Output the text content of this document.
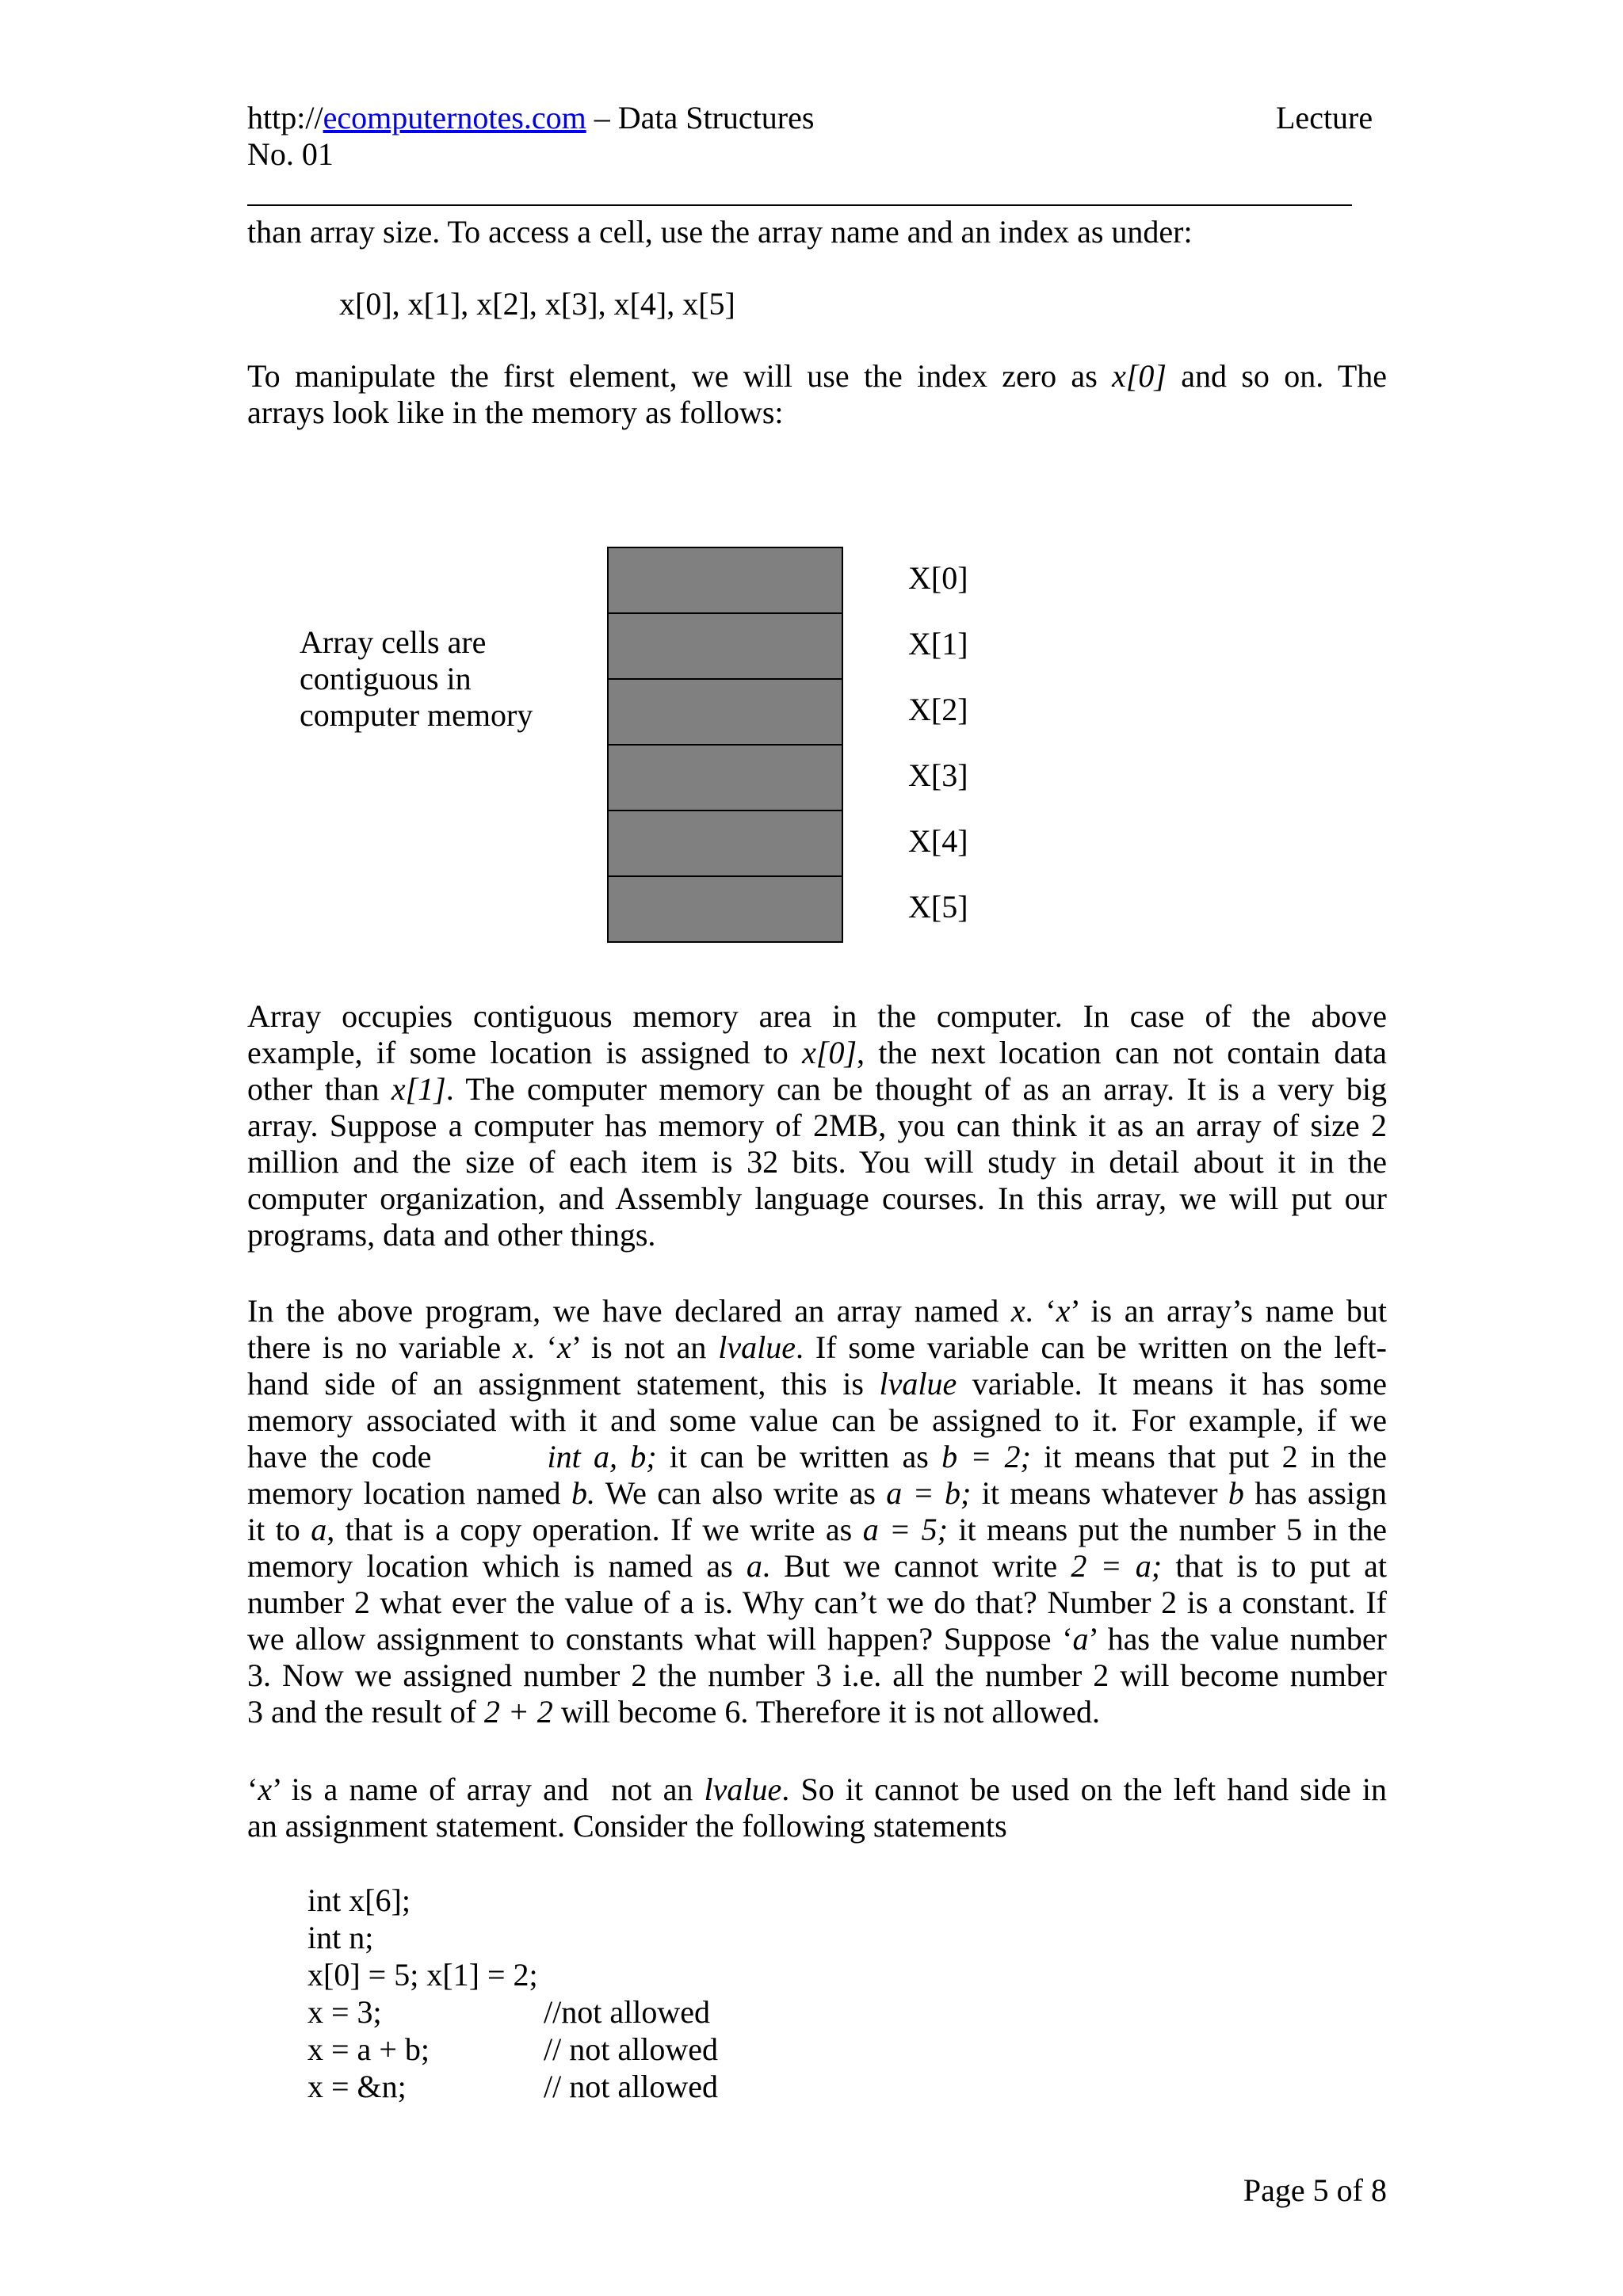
http://ecomputernotes.com – Data Structures
No. 01
Lecture
than array size. To access a cell, use the array name and an index as under:
x[0], x[1], x[2], x[3], x[4], x[5]
To manipulate the first element, we will use the index zero as x[0] and so on. The
arrays look like in the memory as follows:
Array cells are
contiguous in
computer memory
X[0]
X[1]
X[2]
X[3]
X[4]
X[5]
Array occupies contiguous memory area in the computer. In case of the above
example, if some location is assigned to x[0], the next location can not contain data
other than x[1]. The computer memory can be thought of as an array. It is a very big
array. Suppose a computer has memory of 2MB, you can think it as an array of size 2
million and the size of each item is 32 bits. You will study in detail about it in the
computer organization, and Assembly language courses. In this array, we will put our
programs, data and other things.
In the above program, we have declared an array named x. ‘x’ is an array’s name but
there is no variable x. ‘x’ is not an lvalue. If some variable can be written on the left-
hand side of an assignment statement, this is lvalue variable. It means it has some
memory associated with it and some value can be assigned to it. For example, if we
have the code         int a, b; it can be written as b = 2; it means that put 2 in the
memory location named b. We can also write as a = b; it means whatever b has assign
it to a, that is a copy operation. If we write as a = 5; it means put the number 5 in the
memory location which is named as a. But we cannot write 2 = a; that is to put at
number 2 what ever the value of a is. Why can’t we do that? Number 2 is a constant. If
we allow assignment to constants what will happen? Suppose ‘a’ has the value number
3. Now we assigned number 2 the number 3 i.e. all the number 2 will become number
3 and the result of 2 + 2 will become 6. Therefore it is not allowed.
‘x’ is a name of array and  not an lvalue. So it cannot be used on the left hand side in
an assignment statement. Consider the following statements
int x[6];
int n;
x[0] = 5; x[1] = 2;
x = 3;	//not allowed
x = a + b;	// not allowed
x = &n;	// not allowed
Page 5 of 8
